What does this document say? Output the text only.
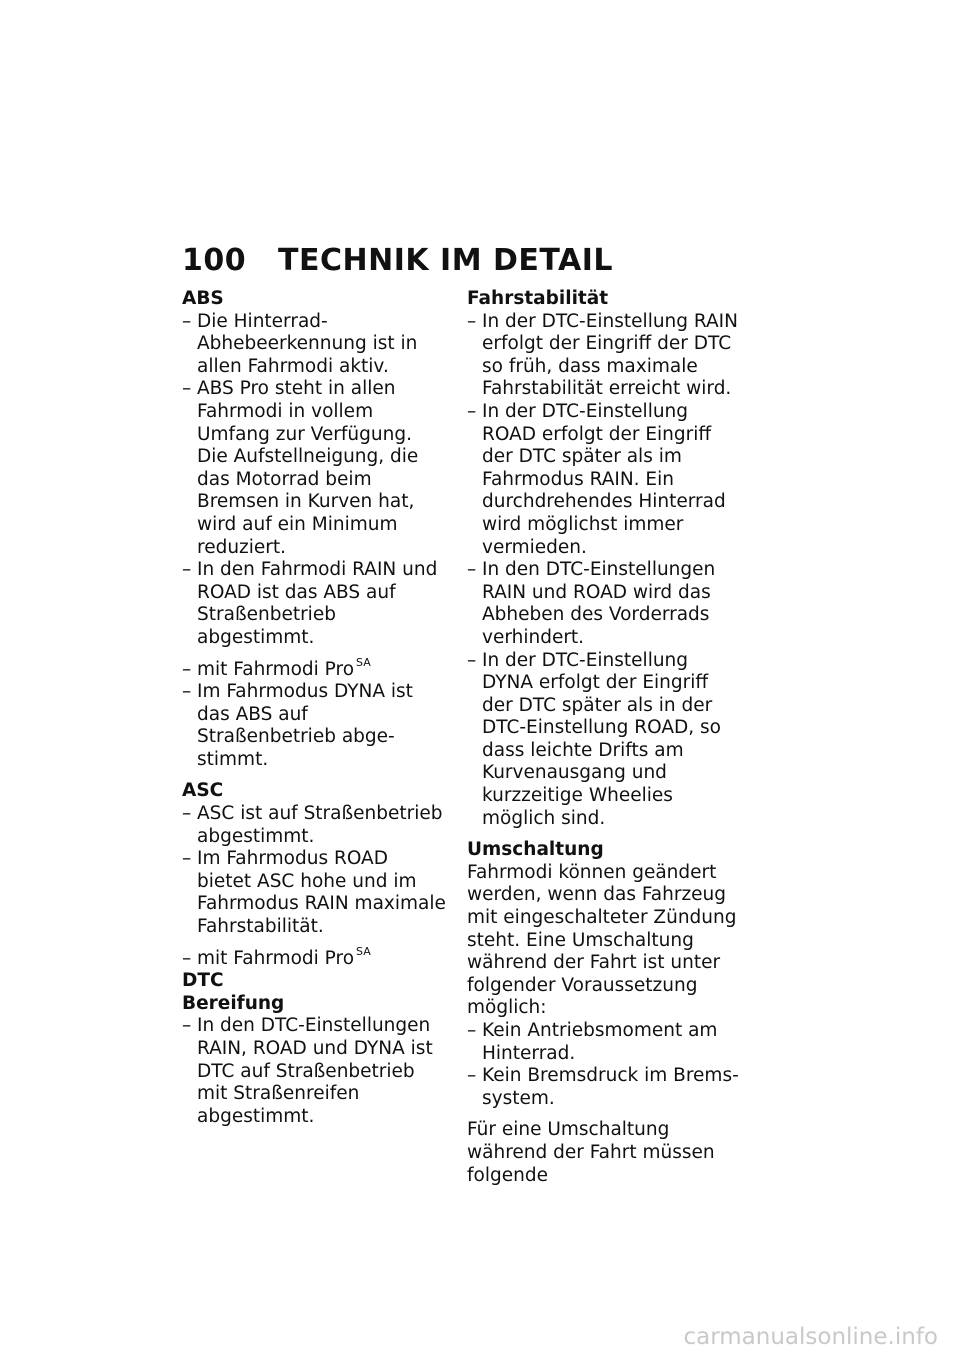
100 TECHNIK IM DETAIL

ABS

– Die Hinterrad-Abhebeerkennung ist in allen Fahrmodi aktiv.

– ABS Pro steht in allen Fahrmodi in vollem Umfang zur Verfügung. Die Aufstellneigung, die das Motorrad beim Bremsen in Kurven hat, wird auf ein Minimum reduziert.

– In den Fahrmodi RAIN und ROAD ist das ABS auf Straßenbetrieb abgestimmt.

– mit Fahrmodi Pro $^{SA}$

– Im Fahrmodus DYNA ist das ABS auf Straßenbetrieb abgestimmt.

ASC

– ASC ist auf Straßenbetrieb abgestimmt.

– Im Fahrmodus ROAD bietet ASC hohe und im Fahrmodus RAIN maximale Fahrstabilität.

– mit Fahrmodi Pro $^{SA}$

DTC

Bereifung

– In den DTC-Einstellungen RAIN, ROAD und DYNA ist DTC auf Straßenbetrieb mit Straßenreifen abgestimmt.

Fahrstabilität

– In der DTC-Einstellung RAIN erfolgt der Eingriff der DTC so früh, dass maximale Fahrstabilität erreicht wird.

– In der DTC-Einstellung ROAD erfolgt der Eingriff der DTC später als im Fahrmodus RAIN. Ein durchdrehendes Hinterrad wird möglichst immer vermieden.

– In den DTC-Einstellungen RAIN und ROAD wird das Abheben des Vorderrads verhindert.

– In der DTC-Einstellung DYNA erfolgt der Eingriff der DTC später als in der DTC-Einstellung ROAD, so dass leichte Drifts am Kurvenausgang und kurzzeitige Wheelies möglich sind.

Umschaltung

Fahrmodi können geändert werden, wenn das Fahrzeug mit eingeschalteter Zündung steht. Eine Umschaltung während der Fahrt ist unter folgender Voraussetzung möglich:

– Kein Antriebsmoment am Hinterrad.

– Kein Bremsdruck im Bremssystem.

Für eine Umschaltung während der Fahrt müssen folgende

carmanualsonline.info
